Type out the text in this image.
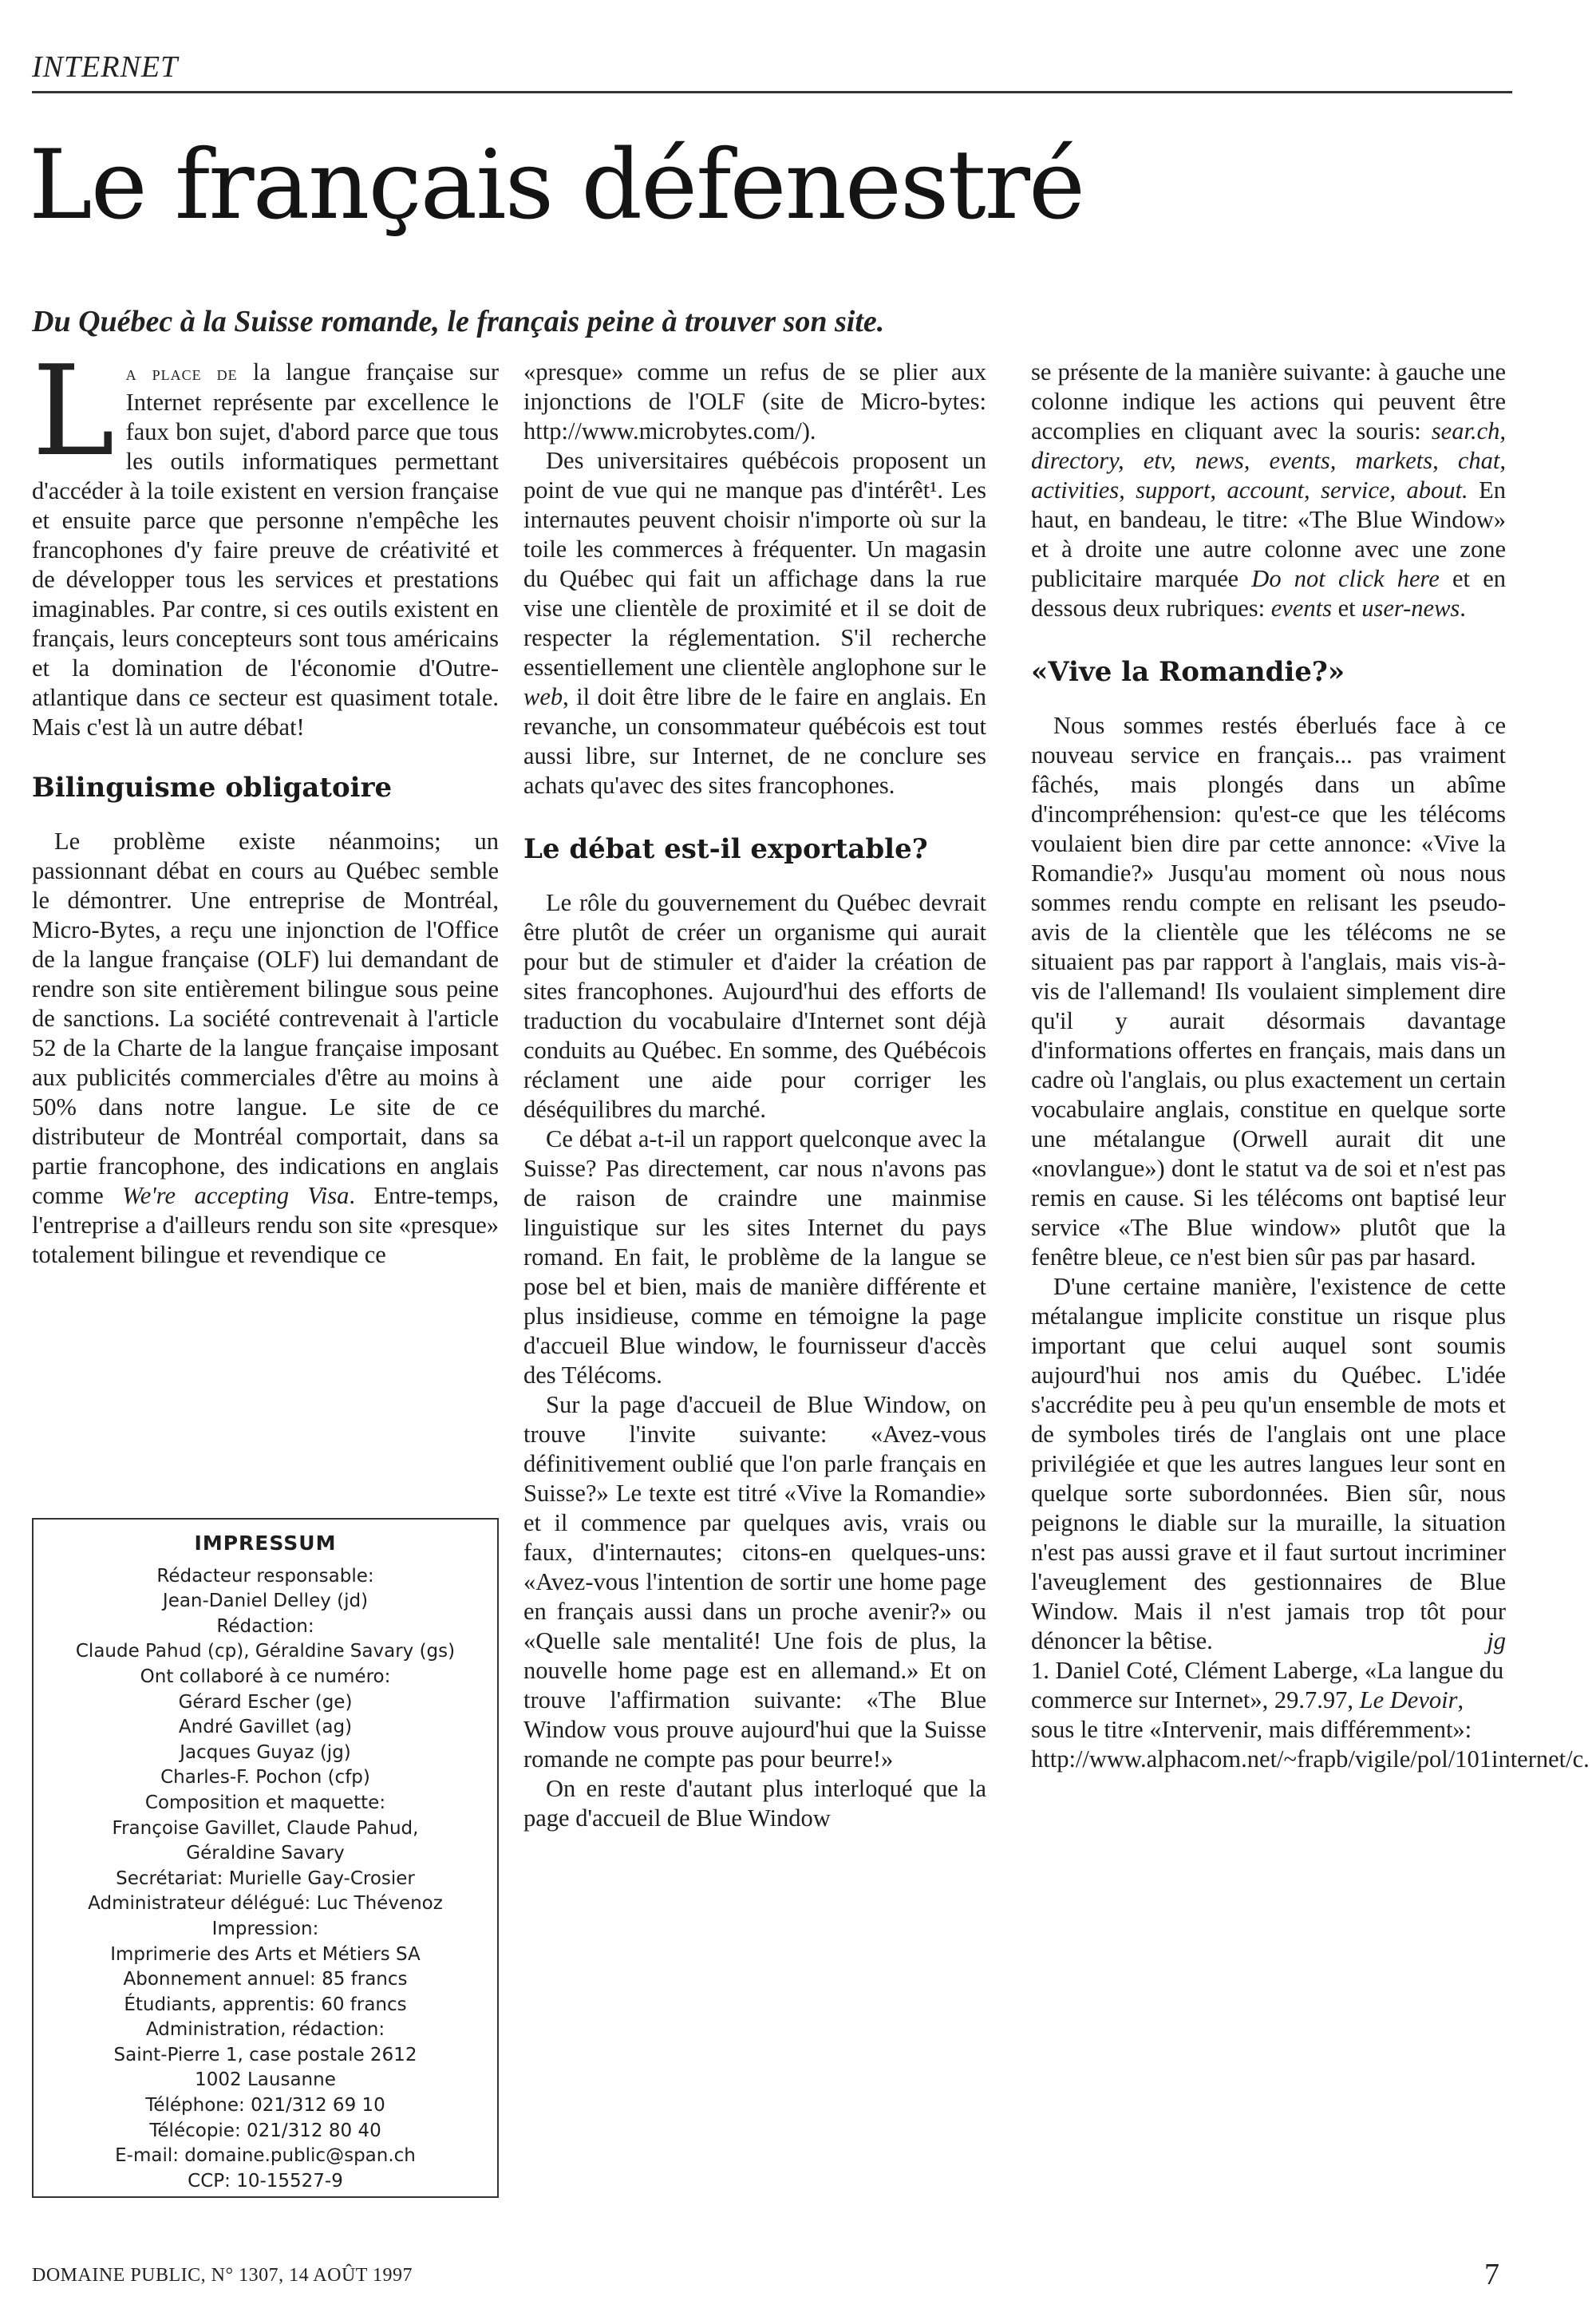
INTERNET
Le français défenestré
Du Québec à la Suisse romande, le français peine à trouver son site.

La place de la langue française sur Internet représente par excellence le faux bon sujet, d'abord parce que tous les outils informatiques permettant d'accéder à la toile existent en version française et ensuite parce que personne n'empêche les francophones d'y faire preuve de créativité et de développer tous les services et prestations imaginables. Par contre, si ces outils existent en français, leurs concepteurs sont tous américains et la domination de l'économie d'Outre-atlantique dans ce secteur est quasiment totale. Mais c'est là un autre débat!

Bilinguisme obligatoire

Le problème existe néanmoins; un passionnant débat en cours au Québec semble le démontrer. Une entreprise de Montréal, Micro-Bytes, a reçu une injonction de l'Office de la langue française (OLF) lui demandant de rendre son site entièrement bilingue sous peine de sanctions. La société contrevenait à l'article 52 de la Charte de la langue française imposant aux publicités commerciales d'être au moins à 50% dans notre langue. Le site de ce distributeur de Montréal comportait, dans sa partie francophone, des indications en anglais comme We're accepting Visa. Entre-temps, l'entreprise a d'ailleurs rendu son site «presque» totalement bilingue et revendique ce

IMPRESSUM
Rédacteur responsable:
Jean-Daniel Delley (jd)
Rédaction:
Claude Pahud (cp), Géraldine Savary (gs)
Ont collaboré à ce numéro:
Gérard Escher (ge)
André Gavillet (ag)
Jacques Guyaz (jg)
Charles-F. Pochon (cfp)
Composition et maquette:
Françoise Gavillet, Claude Pahud,
Géraldine Savary
Secrétariat: Murielle Gay-Crosier
Administrateur délégué: Luc Thévenoz
Impression:
Imprimerie des Arts et Métiers SA
Abonnement annuel: 85 francs
Étudiants, apprentis: 60 francs
Administration, rédaction:
Saint-Pierre 1, case postale 2612
1002 Lausanne
Téléphone: 021/312 69 10
Télécopie: 021/312 80 40
E-mail: domaine.public@span.ch
CCP: 10-15527-9

«presque» comme un refus de se plier aux injonctions de l'OLF (site de Micro-bytes: http://www.microbytes.com/).

Des universitaires québécois proposent un point de vue qui ne manque pas d'intérêt¹. Les internautes peuvent choisir n'importe où sur la toile les commerces à fréquenter. Un magasin du Québec qui fait un affichage dans la rue vise une clientèle de proximité et il se doit de respecter la réglementation. S'il recherche essentiellement une clientèle anglophone sur le web, il doit être libre de le faire en anglais. En revanche, un consommateur québécois est tout aussi libre, sur Internet, de ne conclure ses achats qu'avec des sites francophones.

Le débat est-il exportable?

Le rôle du gouvernement du Québec devrait être plutôt de créer un organisme qui aurait pour but de stimuler et d'aider la création de sites francophones. Aujourd'hui des efforts de traduction du vocabulaire d'Internet sont déjà conduits au Québec. En somme, des Québécois réclament une aide pour corriger les déséquilibres du marché.

Ce débat a-t-il un rapport quelconque avec la Suisse? Pas directement, car nous n'avons pas de raison de craindre une mainmise linguistique sur les sites Internet du pays romand. En fait, le problème de la langue se pose bel et bien, mais de manière différente et plus insidieuse, comme en témoigne la page d'accueil Blue window, le fournisseur d'accès des Télécoms.

Sur la page d'accueil de Blue Window, on trouve l'invite suivante: «Avez-vous définitivement oublié que l'on parle français en Suisse?» Le texte est titré «Vive la Romandie» et il commence par quelques avis, vrais ou faux, d'internautes; citons-en quelques-uns: «Avez-vous l'intention de sortir une home page en français aussi dans un proche avenir?» ou «Quelle sale mentalité! Une fois de plus, la nouvelle home page est en allemand.» Et on trouve l'affirmation suivante: «The Blue Window vous prouve aujourd'hui que la Suisse romande ne compte pas pour beurre!»

On en reste d'autant plus interloqué que la page d'accueil de Blue Window

se présente de la manière suivante: à gauche une colonne indique les actions qui peuvent être accomplies en cliquant avec la souris: sear.ch, directory, etv, news, events, markets, chat, activities, support, account, service, about. En haut, en bandeau, le titre: «The Blue Window» et à droite une autre colonne avec une zone publicitaire marquée Do not click here et en dessous deux rubriques: events et user-news.

«Vive la Romandie?»

Nous sommes restés éberlués face à ce nouveau service en français... pas vraiment fâchés, mais plongés dans un abîme d'incompréhension: qu'est-ce que les télécoms voulaient bien dire par cette annonce: «Vive la Romandie?» Jusqu'au moment où nous nous sommes rendu compte en relisant les pseudo-avis de la clientèle que les télécoms ne se situaient pas par rapport à l'anglais, mais vis-à-vis de l'allemand! Ils voulaient simplement dire qu'il y aurait désormais davantage d'informations offertes en français, mais dans un cadre où l'anglais, ou plus exactement un certain vocabulaire anglais, constitue en quelque sorte une métalangue (Orwell aurait dit une «novlangue») dont le statut va de soi et n'est pas remis en cause. Si les télécoms ont baptisé leur service «The Blue window» plutôt que la fenêtre bleue, ce n'est bien sûr pas par hasard.

D'une certaine manière, l'existence de cette métalangue implicite constitue un risque plus important que celui auquel sont soumis aujourd'hui nos amis du Québec. L'idée s'accrédite peu à peu qu'un ensemble de mots et de symboles tirés de l'anglais ont une place privilégiée et que les autres langues leur sont en quelque sorte subordonnées. Bien sûr, nous peignons le diable sur la muraille, la situation n'est pas aussi grave et il faut surtout incriminer l'aveuglement des gestionnaires de Blue Window. Mais il n'est jamais trop tôt pour dénoncer la bêtise.	jg

1. Daniel Coté, Clément Laberge, «La langue du commerce sur Internet», 29.7.97, Le Devoir, sous le titre «Intervenir, mais différemment»: http://www.alphacom.net/~frapb/vigile/pol/101internet/c.

DOMAINE PUBLIC, N° 1307, 14 AOÛT 1997	7
